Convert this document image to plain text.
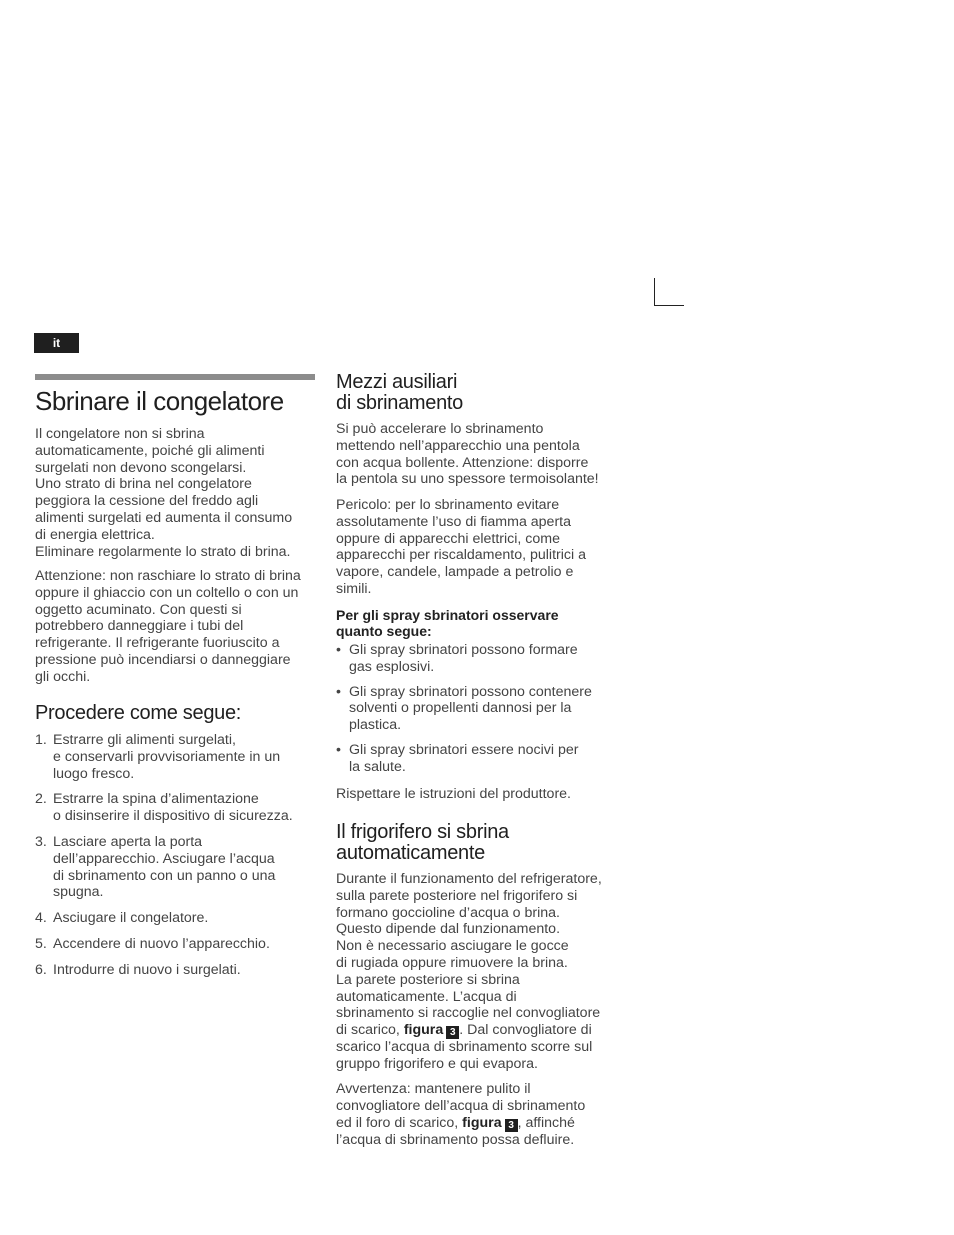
it
Sbrinare il congelatore

Il congelatore non si sbrina
automaticamente, poiché gli alimenti
surgelati non devono scongelarsi.
Uno strato di brina nel congelatore
peggiora la cessione del freddo agli
alimenti surgelati ed aumenta il consumo
di energia elettrica.
Eliminare regolarmente lo strato di brina.

Attenzione: non raschiare lo strato di brina
oppure il ghiaccio con un coltello o con un
oggetto acuminato. Con questi si
potrebbero danneggiare i tubi del
refrigerante. Il refrigerante fuoriuscito a
pressione può incendiarsi o danneggiare
gli occhi.

Procedere come segue:
1. Estrarre gli alimenti surgelati,
e conservarli provvisoriamente in un
luogo fresco.
2. Estrarre la spina d’alimentazione
o disinserire il dispositivo di sicurezza.
3. Lasciare aperta la porta
dell’apparecchio. Asciugare l’acqua
di sbrinamento con un panno o una
spugna.
4. Asciugare il congelatore.
5. Accendere di nuovo l’apparecchio.
6. Introdurre di nuovo i surgelati.
Mezzi ausiliari
di sbrinamento

Si può accelerare lo sbrinamento
mettendo nell’apparecchio una pentola
con acqua bollente. Attenzione: disporre
la pentola su uno spessore termoisolante!

Pericolo: per lo sbrinamento evitare
assolutamente l’uso di fiamma aperta
oppure di apparecchi elettrici, come
apparecchi per riscaldamento, pulitrici a
vapore, candele, lampade a petrolio e
simili.

Per gli spray sbrinatori osservare
quanto segue:

• Gli spray sbrinatori possono formare
gas esplosivi.
• Gli spray sbrinatori possono contenere
solventi o propellenti dannosi per la
plastica.
• Gli spray sbrinatori essere nocivi per
la salute.

Rispettare le istruzioni del produttore.

Il frigorifero si sbrina
automaticamente

Durante il funzionamento del refrigeratore,
sulla parete posteriore nel frigorifero si
formano goccioline d’acqua o brina.
Questo dipende dal funzionamento.
Non è necessario asciugare le gocce
di rugiada oppure rimuovere la brina.
La parete posteriore si sbrina
automaticamente. L’acqua di
sbrinamento si raccoglie nel convogliatore
di scarico, figura 3 . Dal convogliatore di
scarico l’acqua di sbrinamento scorre sul
gruppo frigorifero e qui evapora.

Avvertenza: mantenere pulito il
convogliatore dell’acqua di sbrinamento
ed il foro di scarico, figura 3 , affinché
l’acqua di sbrinamento possa defluire.
